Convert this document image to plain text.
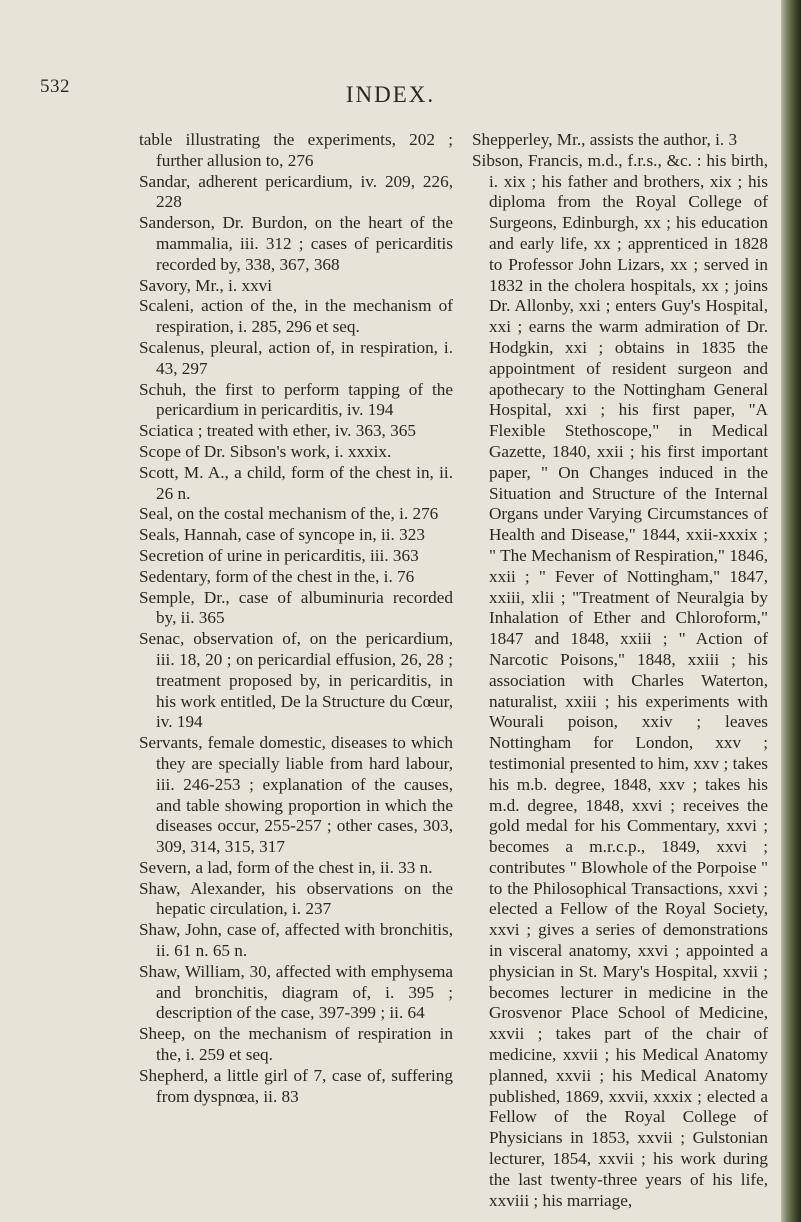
532	INDEX.

table illustrating the experiments, 202 ; further allusion to, 276

Sandar, adherent pericardium, iv. 209, 226, 228

Sanderson, Dr. Burdon, on the heart of the mammalia, iii. 312 ; cases of pericarditis recorded by, 338, 367, 368

Savory, Mr., i. xxvi

Scaleni, action of the, in the mechanism of respiration, i. 285, 296 et seq.

Scalenus, pleural, action of, in respiration, i. 43, 297

Schuh, the first to perform tapping of the pericardium in pericarditis, iv. 194

Sciatica ; treated with ether, iv. 363, 365

Scope of Dr. Sibson's work, i. xxxix.

Scott, M. A., a child, form of the chest in, ii. 26 n.

Seal, on the costal mechanism of the, i. 276

Seals, Hannah, case of syncope in, ii. 323

Secretion of urine in pericarditis, iii. 363

Sedentary, form of the chest in the, i. 76

Semple, Dr., case of albuminuria recorded by, ii. 365

Senac, observation of, on the pericardium, iii. 18, 20 ; on pericardial effusion, 26, 28 ; treatment proposed by, in pericarditis, in his work entitled, De la Structure du Cœur, iv. 194

Servants, female domestic, diseases to which they are specially liable from hard labour, iii. 246-253 ; explanation of the causes, and table showing proportion in which the diseases occur, 255-257 ; other cases, 303, 309, 314, 315, 317

Severn, a lad, form of the chest in, ii. 33 n.

Shaw, Alexander, his observations on the hepatic circulation, i. 237

Shaw, John, case of, affected with bronchitis, ii. 61 n. 65 n.

Shaw, William, 30, affected with emphysema and bronchitis, diagram of, i. 395 ; description of the case, 397-399 ; ii. 64

Sheep, on the mechanism of respiration in the, i. 259 et seq.

Shepherd, a little girl of 7, case of, suffering from dyspnœa, ii. 83

Shepperley, Mr., assists the author, i. 3

Sibson, Francis, m.d., f.r.s., &c. : his birth, i. xix ; his father and brothers, xix ; his diploma from the Royal College of Surgeons, Edinburgh, xx ; his education and early life, xx ; apprenticed in 1828 to Professor John Lizars, xx ; served in 1832 in the cholera hospitals, xx ; joins Dr. Allonby, xxi ; enters Guy's Hospital, xxi ; earns the warm admiration of Dr. Hodgkin, xxi ; obtains in 1835 the appointment of resident surgeon and apothecary to the Nottingham General Hospital, xxi ; his first paper, "A Flexible Stethoscope," in Medical Gazette, 1840, xxii ; his first important paper, " On Changes induced in the Situation and Structure of the Internal Organs under Varying Circumstances of Health and Disease," 1844, xxii-xxxix ; " The Mechanism of Respiration," 1846, xxii ; " Fever of Nottingham," 1847, xxiii, xlii ; "Treatment of Neuralgia by Inhalation of Ether and Chloroform," 1847 and 1848, xxiii ; " Action of Narcotic Poisons," 1848, xxiii ; his association with Charles Waterton, naturalist, xxiii ; his experiments with Wourali poison, xxiv ; leaves Nottingham for London, xxv ; testimonial presented to him, xxv ; takes his m.b. degree, 1848, xxv ; takes his m.d. degree, 1848, xxvi ; receives the gold medal for his Commentary, xxvi ; becomes a m.r.c.p., 1849, xxvi ; contributes " Blowhole of the Porpoise " to the Philosophical Transactions, xxvi ; elected a Fellow of the Royal Society, xxvi ; gives a series of demonstrations in visceral anatomy, xxvi ; appointed a physician in St. Mary's Hospital, xxvii ; becomes lecturer in medicine in the Grosvenor Place School of Medicine, xxvii ; takes part of the chair of medicine, xxvii ; his Medical Anatomy planned, xxvii ; his Medical Anatomy published, 1869, xxvii, xxxix ; elected a Fellow of the Royal College of Physicians in 1853, xxvii ; Gulstonian lecturer, 1854, xxvii ; his work during the last twenty-three years of his life, xxviii ; his marriage,
